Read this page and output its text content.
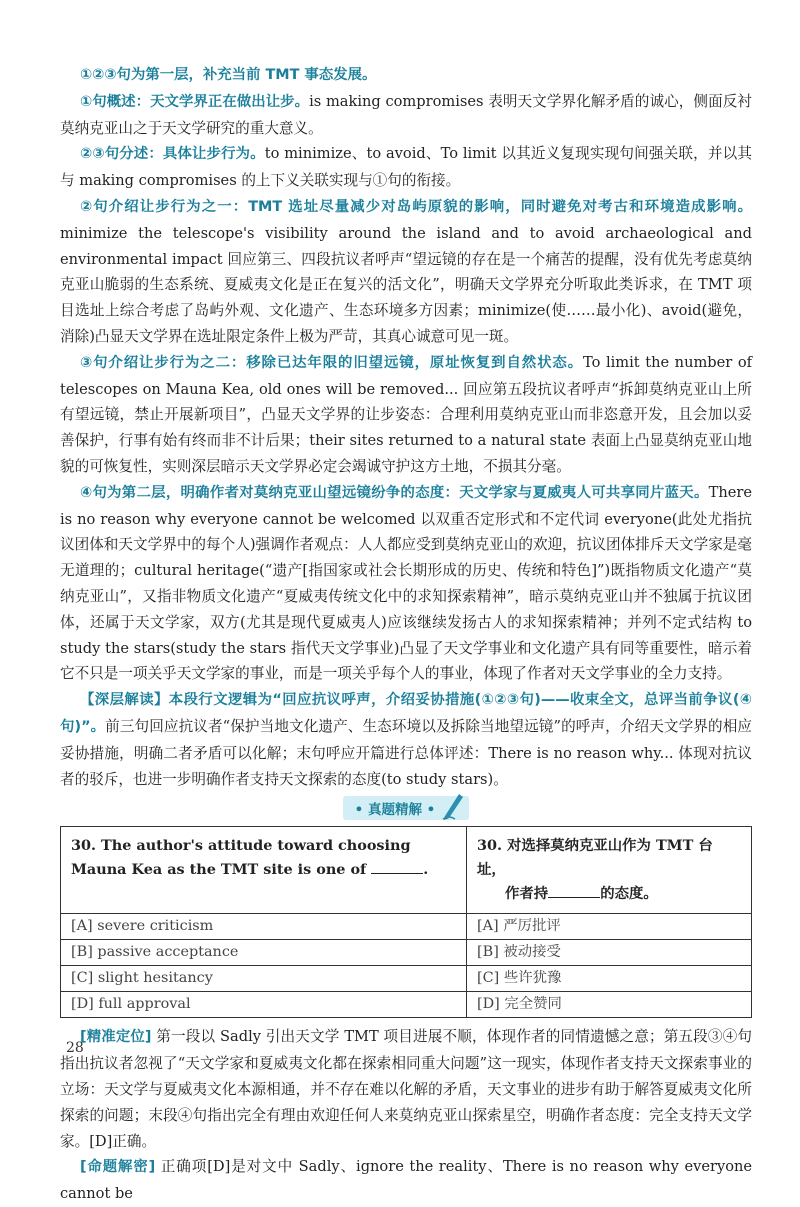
①②③句为第一层，补充当前 TMT 事态发展。

①句概述：天文学界正在做出让步。is making compromises 表明天文学界化解矛盾的诚心，侧面反衬莫纳克亚山之于天文学研究的重大意义。

②③句分述：具体让步行为。to minimize、to avoid、To limit 以其近义复现实现句间强关联，并以其与 making compromises 的上下义关联实现与①句的衔接。

②句介绍让步行为之一：TMT 选址尽量减少对岛屿原貌的影响，同时避免对考古和环境造成影响。minimize the telescope's visibility around the island and to avoid archaeological and environmental impact 回应第三、四段抗议者呼声“望远镜的存在是一个痛苦的提醒，没有优先考虑莫纳克亚山脆弱的生态系统、夏威夷文化是正在复兴的活文化”，明确天文学界充分听取此类诉求，在 TMT 项目选址上综合考虑了岛屿外观、文化遗产、生态环境多方因素；minimize(使……最小化)、avoid(避免，消除)凸显天文学界在选址限定条件上极为严苛，其真心诚意可见一斑。

③句介绍让步行为之二：移除已达年限的旧望远镜，原址恢复到自然状态。To limit the number of telescopes on Mauna Kea, old ones will be removed... 回应第五段抗议者呼声“拆卸莫纳克亚山上所有望远镜，禁止开展新项目”，凸显天文学界的让步姿态：合理利用莫纳克亚山而非恣意开发，且会加以妥善保护，行事有始有终而非不计后果；their sites returned to a natural state 表面上凸显莫纳克亚山地貌的可恢复性，实则深层暗示天文学界必定会竭诚守护这方土地，不损其分毫。

④句为第二层，明确作者对莫纳克亚山望远镜纷争的态度：天文学家与夏威夷人可共享同片蓝天。There is no reason why everyone cannot be welcomed 以双重否定形式和不定代词 everyone(此处尤指抗议团体和天文学界中的每个人)强调作者观点：人人都应受到莫纳克亚山的欢迎，抗议团体排斥天文学家是毫无道理的；cultural heritage(“遗产[指国家或社会长期形成的历史、传统和特色]”)既指物质文化遗产“莫纳克亚山”，又指非物质文化遗产“夏威夷传统文化中的求知探索精神”，暗示莫纳克亚山并不独属于抗议团体，还属于天文学家，双方(尤其是现代夏威夷人)应该继续发扬古人的求知探索精神；并列不定式结构 to study the stars(study the stars 指代天文学事业)凸显了天文学事业和文化遗产具有同等重要性，暗示着它不只是一项关乎天文学家的事业，而是一项关乎每个人的事业，体现了作者对天文学事业的全力支持。

【深层解读】本段行文逻辑为“回应抗议呼声，介绍妥协措施(①②③句)——收束全文，总评当前争议(④句)”。前三句回应抗议者“保护当地文化遗产、生态环境以及拆除当地望远镜”的呼声，介绍天文学界的相应妥协措施，明确二者矛盾可以化解；末句呼应开篇进行总体评述：There is no reason why... 体现对抗议者的驳斥，也进一步明确作者支持天文探索的态度(to study stars)。

• 真题精解 •
30. The author's attitude toward choosing Mauna Kea as the TMT site is one of .	30. 对选择莫纳克亚山作为 TMT 台址，
作者持 的态度。
[A] severe criticism	[A] 严厉批评
[B] passive acceptance	[B] 被动接受
[C] slight hesitancy	[C] 些许犹豫
[D] full approval	[D] 完全赞同

[精准定位] 第一段以 Sadly 引出天文学 TMT 项目进展不顺，体现作者的同情遗憾之意；第五段③④句指出抗议者忽视了“天文学家和夏威夷文化都在探索相同重大问题”这一现实，体现作者支持天文探索事业的立场：天文学与夏威夷文化本源相通，并不存在难以化解的矛盾，天文事业的进步有助于解答夏威夷文化所探索的问题；末段④句指出完全有理由欢迎任何人来莫纳克亚山探索星空，明确作者态度：完全支持天文学家。[D]正确。

[命题解密] 正确项[D]是对文中 Sadly、ignore the reality、There is no reason why everyone cannot be

28
